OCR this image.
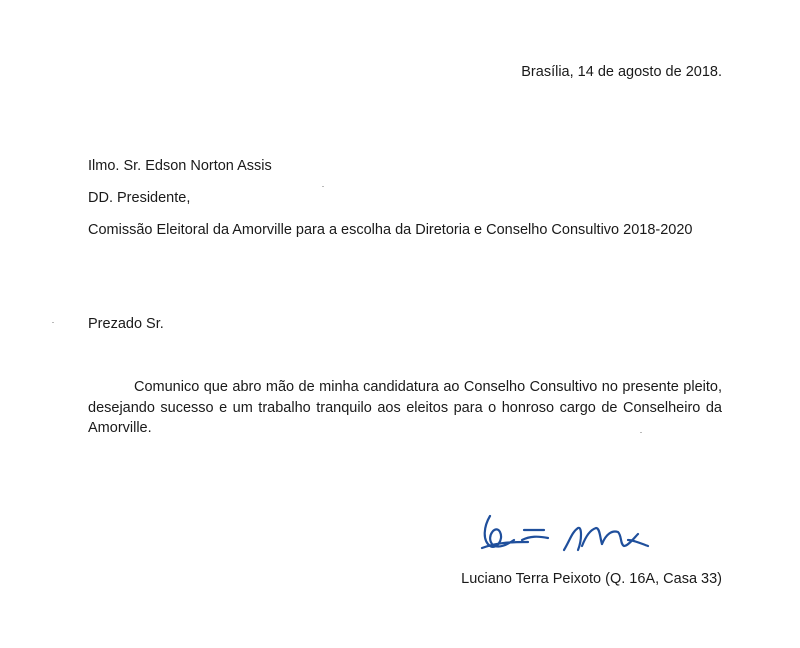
Brasília, 14 de agosto de 2018.
Ilmo. Sr. Edson Norton Assis
DD. Presidente,
Comissão Eleitoral da Amorville para a escolha da Diretoria e Conselho Consultivo 2018-2020
Prezado Sr.
Comunico que abro mão de minha candidatura ao Conselho Consultivo no presente pleito, desejando sucesso e um trabalho tranquilo aos eleitos para o honroso cargo de Conselheiro da Amorville.
Luciano Terra Peixoto (Q. 16A, Casa 33)
